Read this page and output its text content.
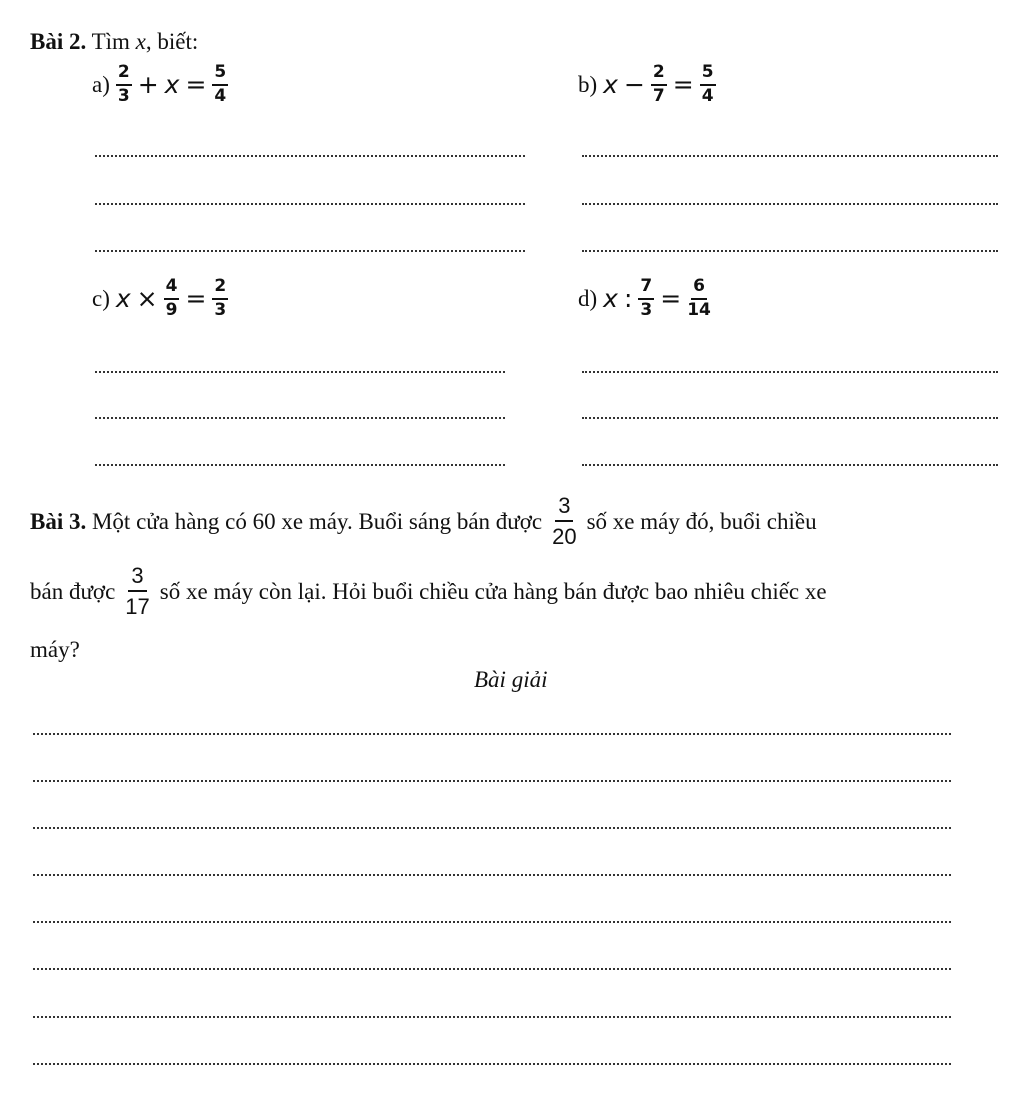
Bài 2. Tìm x, biết:
$a) \frac{2}{3} + x = \frac{5}{4}$	b) $x - \frac{2}{7} = \frac{5}{4}$
c) $x \times \frac{4}{9} = \frac{2}{3}$	d) x : $\frac{7}{3} = \frac{6}{14}$
Bài 3. Một cửa hàng có 60 xe máy. Buổi sáng bán được $\frac{3}{20}$ số xe máy đó, buổi chiều
bán được $\frac{3}{17}$ số xe máy còn lại. Hỏi buổi chiều cửa hàng bán được bao nhiêu chiếc xe
máy?
Bài giải
